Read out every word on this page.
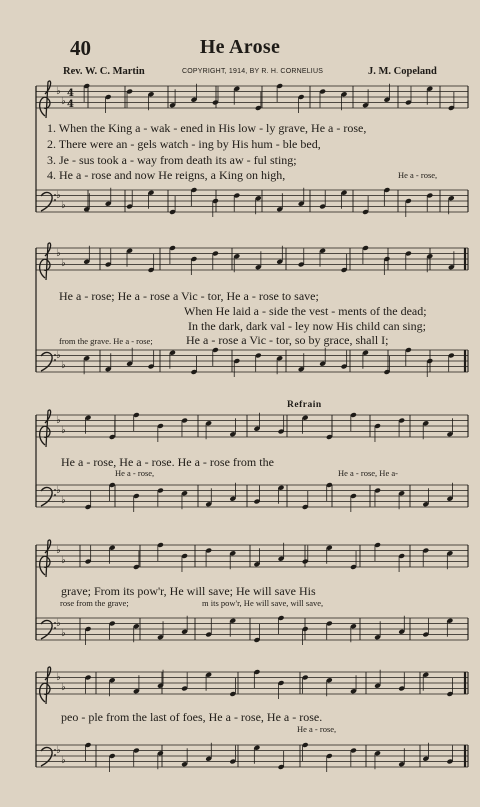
40	He Arose
Rev. W. C. Martin	COPYRIGHT, 1914, BY R. H. CORNELIUS	J. M. Copeland
♭
♭
4
4
♭
♭
♭
♭
♭
♭
♭
♭
♭
♭
♭
♭
♭
♭
♭
♭
♭
♭
1. When the King a - wak - ened in His low - ly grave, He a - rose,
2. There were an - gels watch - ing by His hum - ble bed,
3. Je - sus took a - way from death its aw - ful sting;
4. He a - rose and now He reigns, a King on high,	He a - rose,
He a - rose; He a - rose a Vic - tor, He a - rose to save;
When He laid a - side the vest - ments of the dead;
In the dark, dark val - ley now His child can sing;
from the grave. He a - rose;	He a - rose a Vic - tor, so by grace, shall I;
Refrain
He a - rose, He a - rose. He a - rose from the
He a - rose,	He a - rose, He a-
grave; From its pow'r, He will save; He will save His
rose from the grave;	m its pow'r, He will save, will save,
peo - ple from the last of foes, He a - rose, He a - rose.
He a - rose,
